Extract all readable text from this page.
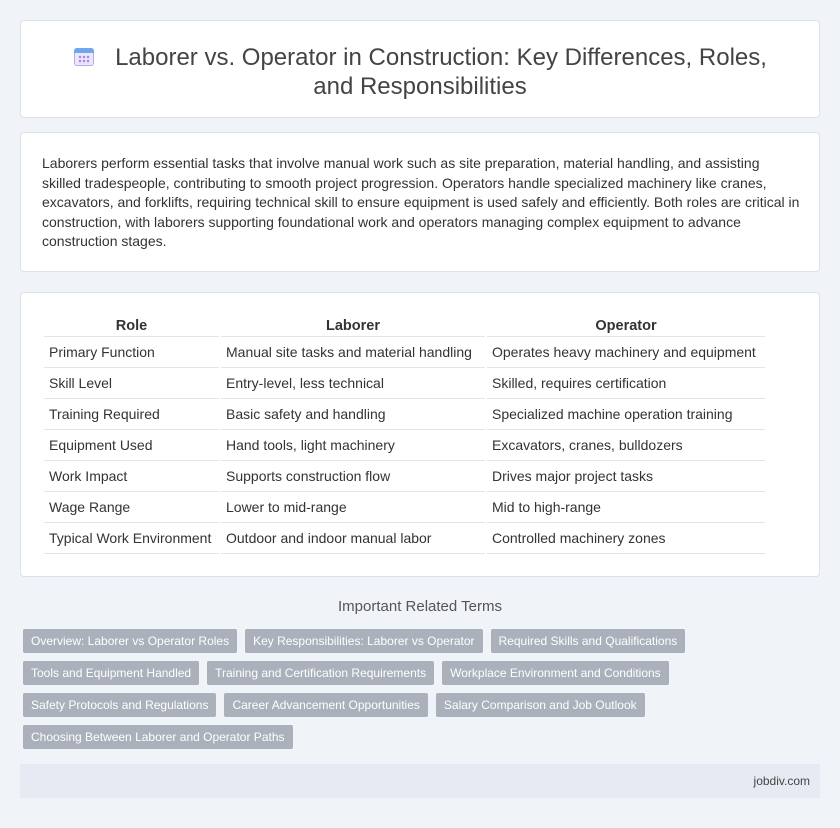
Laborer vs. Operator in Construction: Key Differences, Roles, and Responsibilities

Laborers perform essential tasks that involve manual work such as site preparation, material handling, and assisting skilled tradespeople, contributing to smooth project progression. Operators handle specialized machinery like cranes, excavators, and forklifts, requiring technical skill to ensure equipment is used safely and efficiently. Both roles are critical in construction, with laborers supporting foundational work and operators managing complex equipment to advance construction stages.

Role	Laborer	Operator
Primary Function	Manual site tasks and material handling	Operates heavy machinery and equipment
Skill Level	Entry-level, less technical	Skilled, requires certification
Training Required	Basic safety and handling	Specialized machine operation training
Equipment Used	Hand tools, light machinery	Excavators, cranes, bulldozers
Work Impact	Supports construction flow	Drives major project tasks
Wage Range	Lower to mid-range	Mid to high-range
Typical Work Environment	Outdoor and indoor manual labor	Controlled machinery zones
Important Related Terms
Overview: Laborer vs Operator Roles	Key Responsibilities: Laborer vs Operator	Required Skills and Qualifications
Tools and Equipment Handled	Training and Certification Requirements	Workplace Environment and Conditions
Safety Protocols and Regulations	Career Advancement Opportunities	Salary Comparison and Job Outlook
Choosing Between Laborer and Operator Paths
jobdiv.com
